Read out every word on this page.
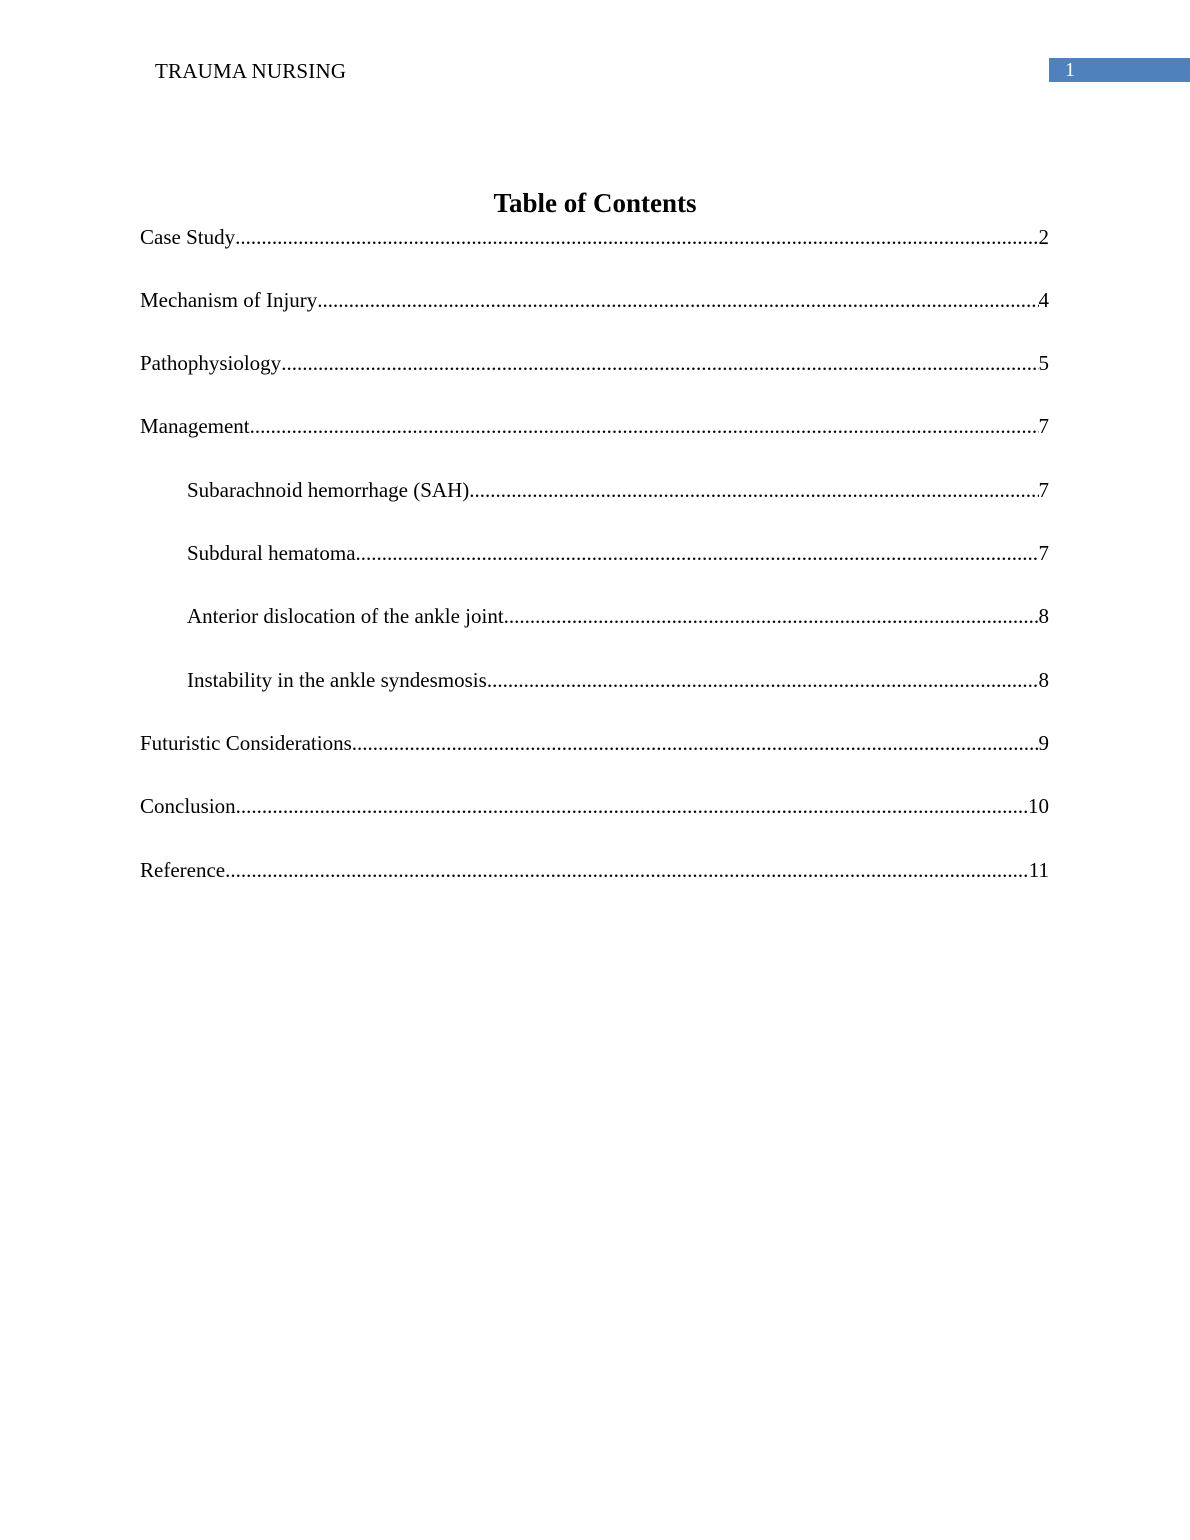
TRAUMA NURSING	1
Table of Contents
Case Study .....	2
Mechanism of Injury .....	4
Pathophysiology .....	5
Management .....	7
Subarachnoid hemorrhage (SAH) .....	7
Subdural hematoma .....	7
Anterior dislocation of the ankle joint .....	8
Instability in the ankle syndesmosis .....	8
Futuristic Considerations .....	9
Conclusion .....	10
Reference .....	11
